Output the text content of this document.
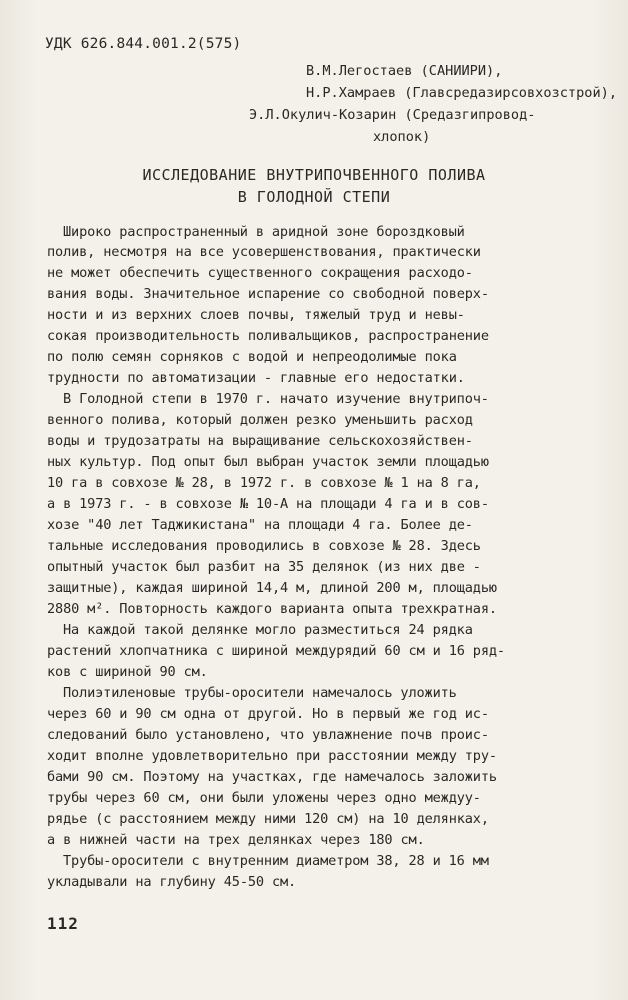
УДК 626.844.001.2(575)
В.М.Легостаев (САНИИРИ),
Н.Р.Хамраев (Главсредазирсовхозстрой),
Э.Л.Окулич-Козарин (Средазгипровод-
хлопок)
ИССЛЕДОВАНИЕ ВНУТРИПОЧВЕННОГО ПОЛИВА
В ГОЛОДНОЙ СТЕПИ
Широко распространенный в аридной зоне бороздковый
полив, несмотря на все усовершенствования, практически
не может обеспечить существенного сокращения расходо-
вания воды. Значительное испарение со свободной поверх-
ности и из верхних слоев почвы, тяжелый труд и невы-
сокая производительность поливальщиков, распространение
по полю семян сорняков с водой и непреодолимые пока
трудности по автоматизации - главные его недостатки.
В Голодной степи в 1970 г. начато изучение внутрипоч-
венного полива, который должен резко уменьшить расход
воды и трудозатраты на выращивание сельскохозяйствен-
ных культур. Под опыт был выбран участок земли площадью
10 га в совхозе № 28, в 1972 г. в совхозе № 1 на 8 га,
а в 1973 г. - в совхозе № 10-А на площади 4 га и в сов-
хозе "40 лет Таджикистана" на площади 4 га. Более де-
тальные исследования проводились в совхозе № 28. Здесь
опытный участок был разбит на 35 делянок (из них две -
защитные), каждая шириной 14,4 м, длиной 200 м, площадью
2880 м². Повторность каждого варианта опыта трехкратная.
На каждой такой делянке могло разместиться 24 рядка
растений хлопчатника с шириной междурядий 60 см и 16 ряд-
ков с шириной 90 см.
Полиэтиленовые трубы-оросители намечалось уложить
через 60 и 90 см одна от другой. Но в первый же год ис-
следований было установлено, что увлажнение почв проис-
ходит вполне удовлетворительно при расстоянии между тру-
бами 90 см. Поэтому на участках, где намечалось заложить
трубы через 60 см, они были уложены через одно междуу-
рядье (с расстоянием между ними 120 см) на 10 делянках,
а в нижней части на трех делянках через 180 см.
Трубы-оросители с внутренним диаметром 38, 28 и 16 мм
укладывали на глубину 45-50 см.
112
